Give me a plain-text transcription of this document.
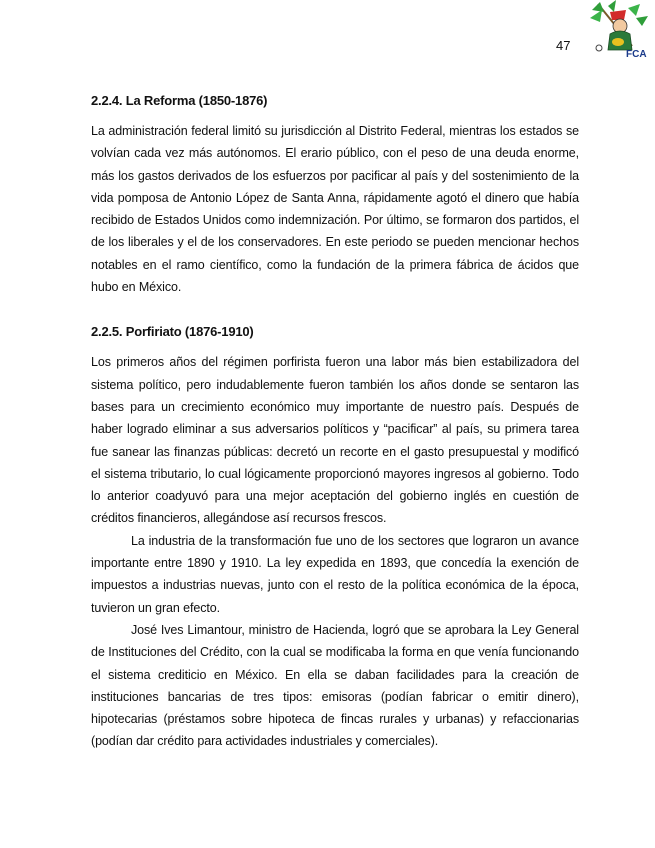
FCA
47
2.2.4. La Reforma (1850-1876)

La administración federal limitó su jurisdicción al Distrito Federal, mientras los estados se volvían cada vez más autónomos. El erario público, con el peso de una deuda enorme, más los gastos derivados de los esfuerzos por pacificar al país y del sostenimiento de la vida pomposa de Antonio López de Santa Anna, rápidamente agotó el dinero que había recibido de Estados Unidos como indemnización. Por último, se formaron dos partidos, el de los liberales y el de los conservadores. En este periodo se pueden mencionar hechos notables en el ramo científico, como la fundación de la primera fábrica de ácidos que hubo en México.

2.2.5. Porfiriato (1876-1910)

Los primeros años del régimen porfirista fueron una labor más bien estabilizadora del sistema político, pero indudablemente fueron también los años donde se sentaron las bases para un crecimiento económico muy importante de nuestro país. Después de haber logrado eliminar a sus adversarios políticos y “pacificar” al país, su primera tarea fue sanear las finanzas públicas: decretó un recorte en el gasto presupuestal y modificó el sistema tributario, lo cual lógicamente proporcionó mayores ingresos al gobierno. Todo lo anterior coadyuvó para una mejor aceptación del gobierno inglés en cuestión de créditos financieros, allegándose así recursos frescos.

La industria de la transformación fue uno de los sectores que lograron un avance importante entre 1890 y 1910. La ley expedida en 1893, que concedía la exención de impuestos a industrias nuevas, junto con el resto de la política económica de la época, tuvieron un gran efecto.

José Ives Limantour, ministro de Hacienda, logró que se aprobara la Ley General de Instituciones del Crédito, con la cual se modificaba la forma en que venía funcionando el sistema crediticio en México. En ella se daban facilidades para la creación de instituciones bancarias de tres tipos: emisoras (podían fabricar o emitir dinero), hipotecarias (préstamos sobre hipoteca de fincas rurales y urbanas) y refaccionarias (podían dar crédito para actividades industriales y comerciales).
